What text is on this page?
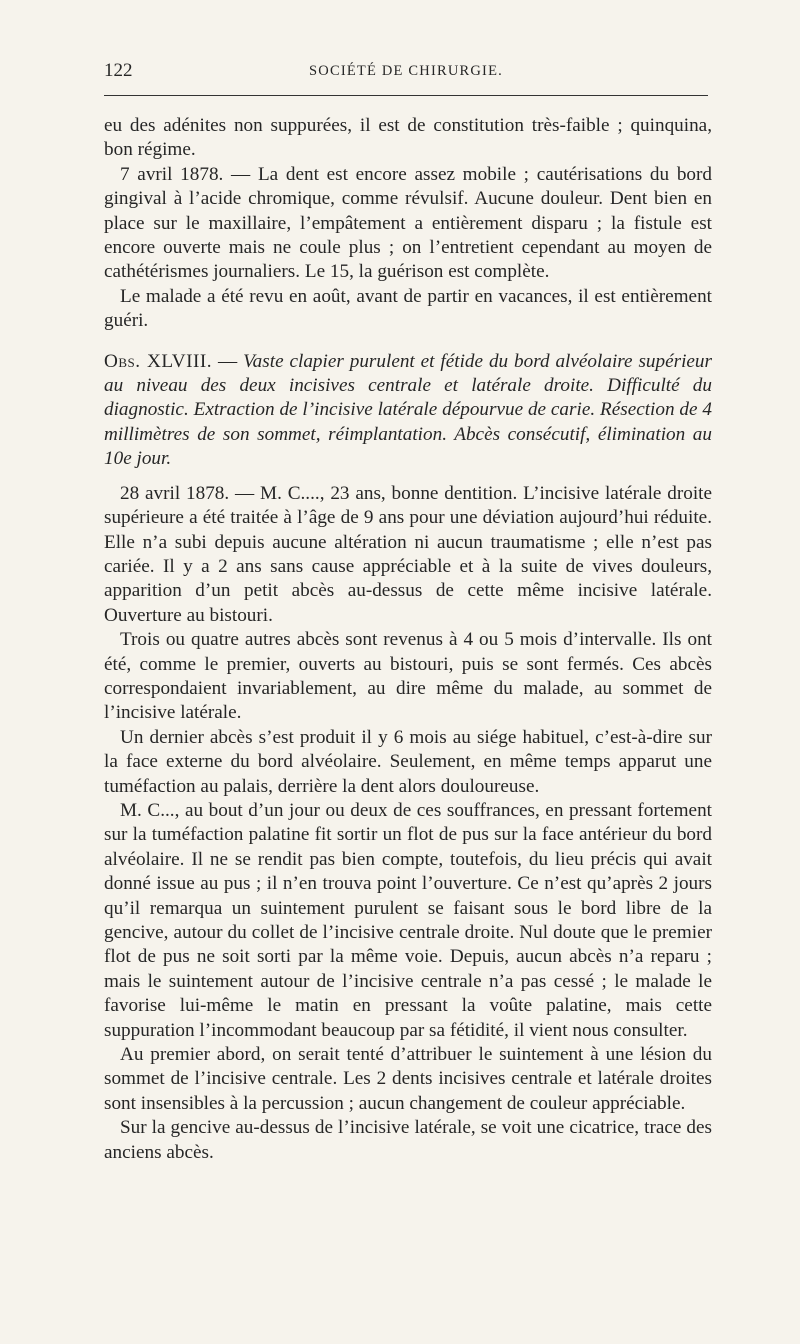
122	SOCIÉTÉ DE CHIRURGIE.

eu des adénites non suppurées, il est de constitution très-faible ; quinquina, bon régime.

7 avril 1878. — La dent est encore assez mobile ; cautérisations du bord gingival à l’acide chromique, comme révulsif. Aucune douleur. Dent bien en place sur le maxillaire, l’empâtement a entièrement disparu ; la fistule est encore ouverte mais ne coule plus ; on l’entretient cependant au moyen de cathétérismes journaliers. Le 15, la guérison est complète.

Le malade a été revu en août, avant de partir en vacances, il est entièrement guéri.

Obs. XLVIII. — Vaste clapier purulent et fétide du bord alvéolaire supérieur au niveau des deux incisives centrale et latérale droite. Difficulté du diagnostic. Extraction de l’incisive latérale dépourvue de carie. Résection de 4 millimètres de son sommet, réimplantation. Abcès consécutif, élimination au 10e jour.

28 avril 1878. — M. C...., 23 ans, bonne dentition. L’incisive latérale droite supérieure a été traitée à l’âge de 9 ans pour une déviation aujourd’hui réduite. Elle n’a subi depuis aucune altération ni aucun traumatisme ; elle n’est pas cariée. Il y a 2 ans sans cause appréciable et à la suite de vives douleurs, apparition d’un petit abcès au-dessus de cette même incisive latérale. Ouverture au bistouri.

Trois ou quatre autres abcès sont revenus à 4 ou 5 mois d’intervalle. Ils ont été, comme le premier, ouverts au bistouri, puis se sont fermés. Ces abcès correspondaient invariablement, au dire même du malade, au sommet de l’incisive latérale.

Un dernier abcès s’est produit il y 6 mois au siége habituel, c’est-à-dire sur la face externe du bord alvéolaire. Seulement, en même temps apparut une tuméfaction au palais, derrière la dent alors douloureuse.

M. C..., au bout d’un jour ou deux de ces souffrances, en pressant fortement sur la tuméfaction palatine fit sortir un flot de pus sur la face antérieur du bord alvéolaire. Il ne se rendit pas bien compte, toutefois, du lieu précis qui avait donné issue au pus ; il n’en trouva point l’ouverture. Ce n’est qu’après 2 jours qu’il remarqua un suintement purulent se faisant sous le bord libre de la gencive, autour du collet de l’incisive centrale droite. Nul doute que le premier flot de pus ne soit sorti par la même voie. Depuis, aucun abcès n’a reparu ; mais le suintement autour de l’incisive centrale n’a pas cessé ; le malade le favorise lui-même le matin en pressant la voûte palatine, mais cette suppuration l’incommodant beaucoup par sa fétidité, il vient nous consulter.

Au premier abord, on serait tenté d’attribuer le suintement à une lésion du sommet de l’incisive centrale. Les 2 dents incisives centrale et latérale droites sont insensibles à la percussion ; aucun changement de couleur appréciable.

Sur la gencive au-dessus de l’incisive latérale, se voit une cicatrice, trace des anciens abcès.
